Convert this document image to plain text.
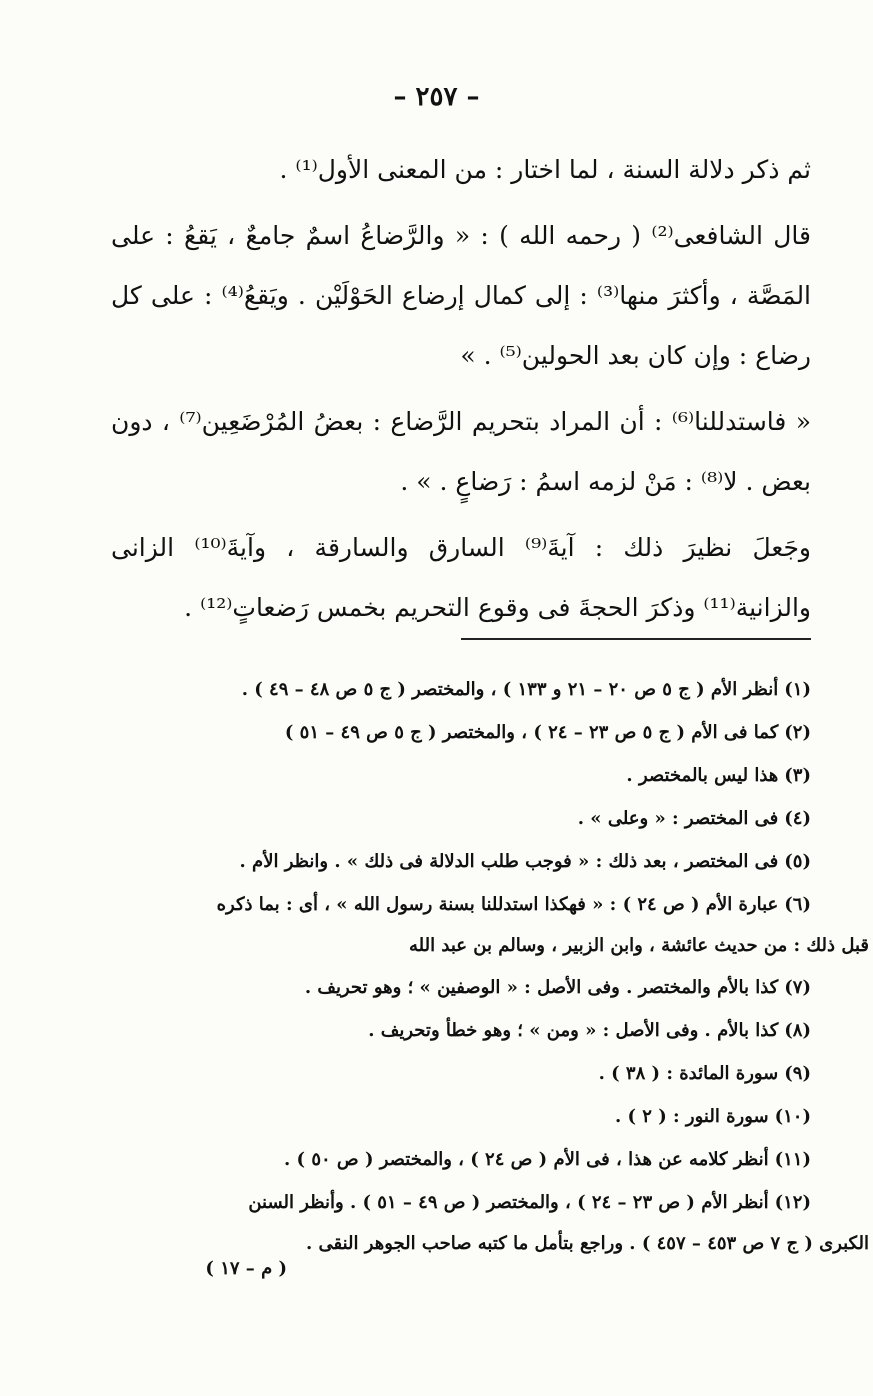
– ٢٥٧ –

ثم ذكر دلالة السنة ، لما اختار : من المعنى الأول⁽¹⁾ .

قال الشافعى⁽²⁾ ( رحمه الله ) : « والرَّضاعُ اسمٌ جامعٌ ، يَقعُ : على المَصَّة ، وأكثرَ منها⁽³⁾ : إلى كمال إرضاع الحَوْلَيْن . ويَقعُ⁽⁴⁾ : على كل رضاع : وإن كان بعد الحولين⁽⁵⁾ . »

« فاستدللنا⁽⁶⁾ : أن المراد بتحريم الرَّضاع : بعضُ المُرْضَعِين⁽⁷⁾ ، دون بعض . لا⁽⁸⁾ : مَنْ لزمه اسمُ : رَضاعٍ . » .

وجَعلَ نظيرَ ذلك : آيةَ⁽⁹⁾ السارق والسارقة ، وآيةَ⁽¹⁰⁾ الزانى والزانية⁽¹¹⁾ وذكرَ الحجةَ فى وقوع التحريم بخمس رَضعاتٍ⁽¹²⁾ .

(١)أنظر الأم ( ج ٥ ص ٢٠ – ٢١ و ١٣٣ ) ، والمختصر ( ج ٥ ص ٤٨ – ٤٩ ) .

(٢)كما فى الأم ( ج ٥ ص ٢٣ – ٢٤ ) ، والمختصر ( ج ٥ ص ٤٩ – ٥١ )

(٣)هذا ليس بالمختصر .

(٤)فى المختصر : « وعلى » .

(٥)فى المختصر ، بعد ذلك : « فوجب طلب الدلالة فى ذلك » . وانظر الأم .

(٦)عبارة الأم ( ص ٢٤ ) : « فهكذا استدللنا بسنة رسول الله » ، أى : بما ذكره

قبل ذلك : من حديث عائشة ، وابن الزبير ، وسالم بن عبد الله

(٧)كذا بالأم والمختصر . وفى الأصل : « الوصفين » ؛ وهو تحريف .

(٨)كذا بالأم . وفى الأصل : « ومن » ؛ وهو خطأ وتحريف .

(٩)سورة المائدة : ( ٣٨ ) .

(١٠)سورة النور : ( ٢ ) .

(١١)أنظر كلامه عن هذا ، فى الأم ( ص ٢٤ ) ، والمختصر ( ص ٥٠ ) .

(١٢)أنظر الأم ( ص ٢٣ – ٢٤ ) ، والمختصر ( ص ٤٩ – ٥١ ) . وأنظر السنن

الكبرى ( ج ٧ ص ٤٥٣ – ٤٥٧ ) . وراجع بتأمل ما كتبه صاحب الجوهر النقى .

( م – ١٧ )
